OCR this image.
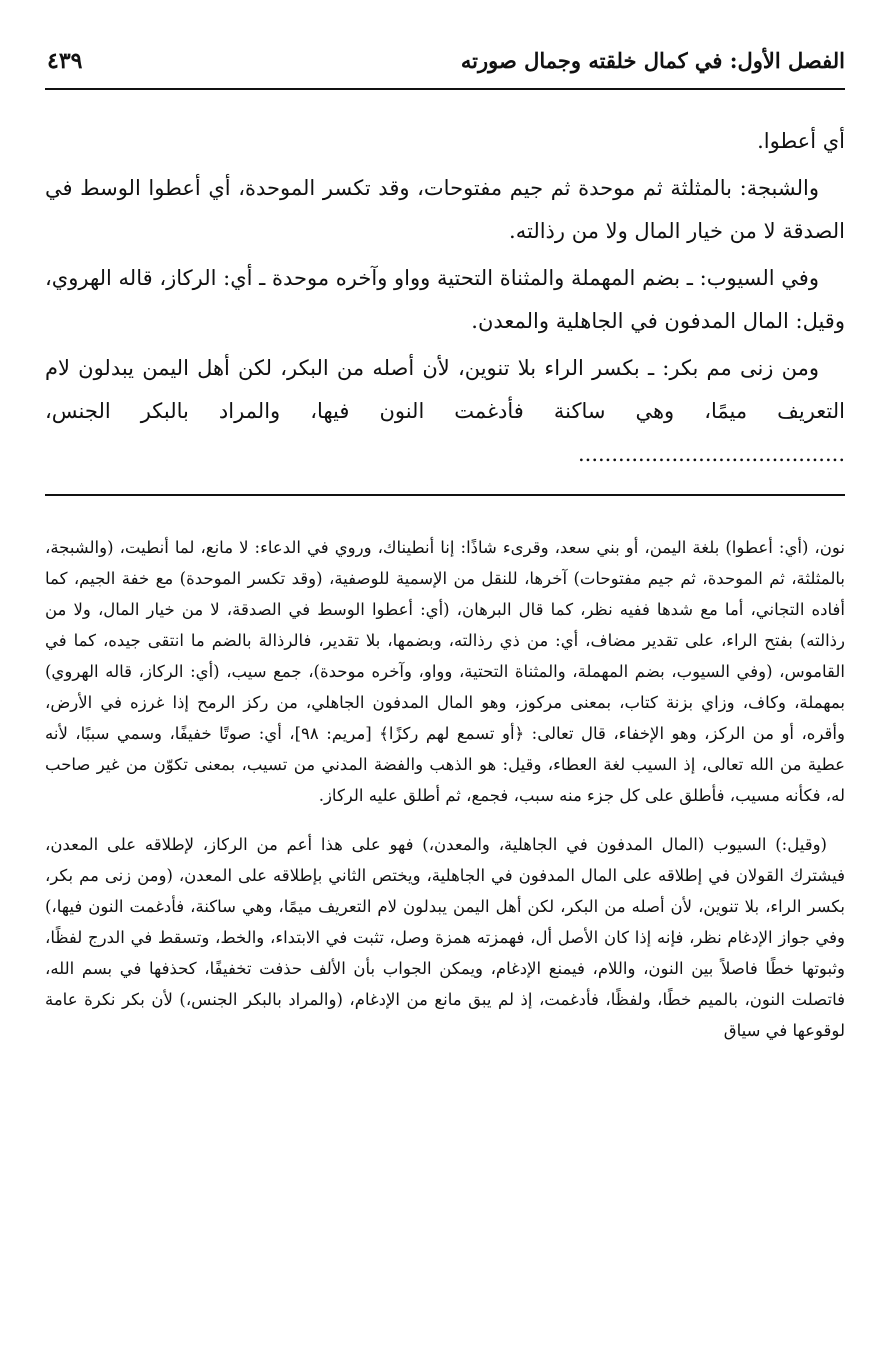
الفصل الأول: في كمال خلقته وجمال صورته
٤٣٩

أي أعطوا.

والشبجة: بالمثلثة ثم موحدة ثم جيم مفتوحات، وقد تكسر الموحدة، أي أعطوا الوسط في الصدقة لا من خيار المال ولا من رذالته.

وفي السيوب: ـ بضم المهملة والمثناة التحتية وواو وآخره موحدة ـ أي: الركاز، قاله الهروي، وقيل: المال المدفون في الجاهلية والمعدن.

ومن زنى مم بكر: ـ بكسر الراء بلا تنوين، لأن أصله من البكر، لكن أهل اليمن يبدلون لام التعريف ميمًا، وهي ساكنة فأدغمت النون فيها، والمراد بالبكر الجنس، ........................................

نون، (أي: أعطوا) بلغة اليمن، أو بني سعد، وقرىء شاذًا: إنا أنطيناك، وروي في الدعاء: لا مانع، لما أنطيت، (والشبجة، بالمثلثة، ثم الموحدة، ثم جيم مفتوحات) آخرها، للنقل من الإسمية للوصفية، (وقد تكسر الموحدة) مع خفة الجيم، كما أفاده التجاني، أما مع شدها ففيه نظر، كما قال البرهان، (أي: أعطوا الوسط في الصدقة، لا من خيار المال، ولا من رذالته) بفتح الراء، على تقدير مضاف، أي: من ذي رذالته، وبضمها، بلا تقدير، فالرذالة بالضم ما انتقى جيده، كما في القاموس، (وفي السيوب، بضم المهملة، والمثناة التحتية، وواو، وآخره موحدة)، جمع سيب، (أي: الركاز، قاله الهروي) بمهملة، وكاف، وزاي بزنة كتاب، بمعنى مركوز، وهو المال المدفون الجاهلي، من ركز الرمح إذا غرزه في الأرض، وأقره، أو من الركز، وهو الإخفاء، قال تعالى: ﴿أو تسمع لهم ركزًا﴾ [مريم: ٩٨]، أي: صوتًا خفيفًا، وسمي سببًا، لأنه عطية من الله تعالى، إذ السيب لغة العطاء، وقيل: هو الذهب والفضة المدني من تسيب، بمعنى تكوّن من غير صاحب له، فكأنه مسيب، فأطلق على كل جزء منه سبب، فجمع، ثم أطلق عليه الركاز.

(وقيل:) السيوب (المال المدفون في الجاهلية، والمعدن،) فهو على هذا أعم من الركاز، لإطلاقه على المعدن، فيشترك القولان في إطلاقه على المال المدفون في الجاهلية، ويختص الثاني بإطلاقه على المعدن، (ومن زنى مم بكر، بكسر الراء، بلا تنوين، لأن أصله من البكر، لكن أهل اليمن يبدلون لام التعريف ميمًا، وهي ساكنة، فأدغمت النون فيها،) وفي جواز الإدغام نظر، فإنه إذا كان الأصل أل، فهمزته همزة وصل، تثبت في الابتداء، والخط، وتسقط في الدرج لفظًا، وثبوتها خطًا فاصلاً بين النون، واللام، فيمنع الإدغام، ويمكن الجواب بأن الألف حذفت تخفيفًا، كحذفها في بسم الله، فاتصلت النون، بالميم خطًا، ولفظًا، فأدغمت، إذ لم يبق مانع من الإدغام، (والمراد بالبكر الجنس،) لأن بكر نكرة عامة لوقوعها في سياق
